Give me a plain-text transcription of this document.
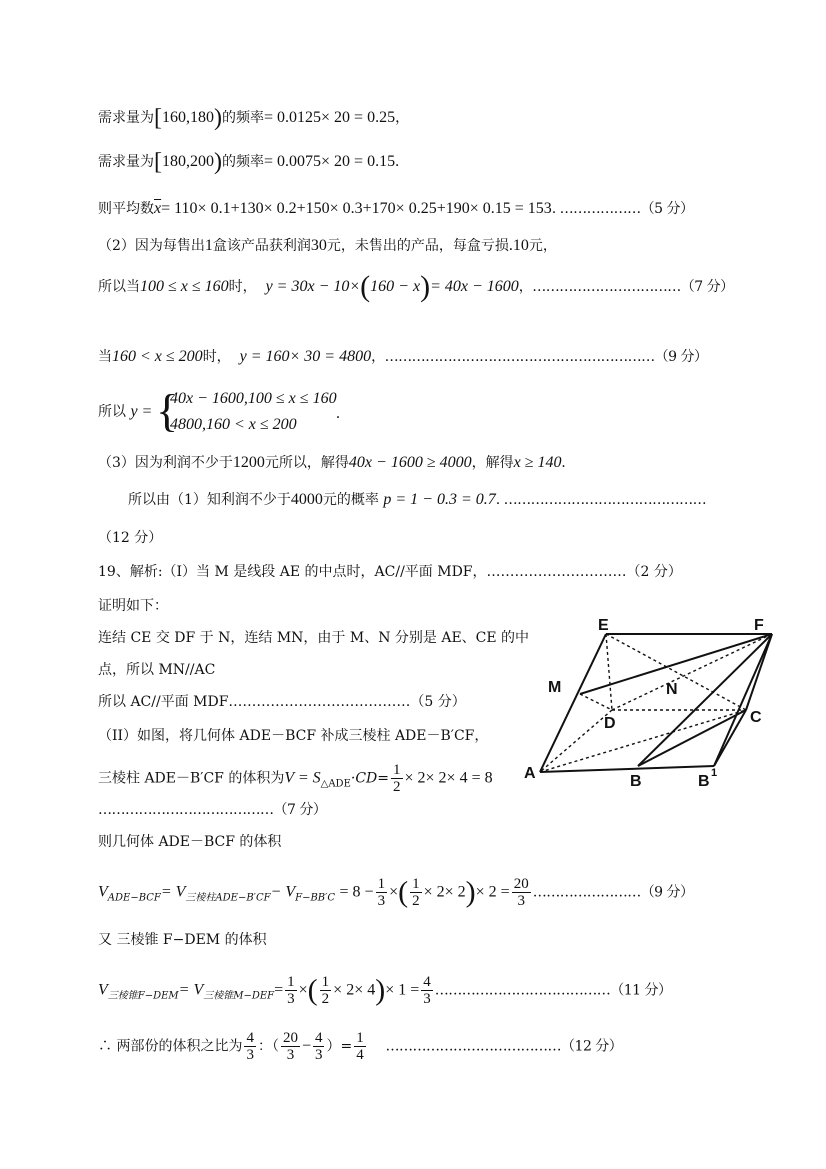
需求量为[160,180)的频率= 0.0125× 20 = 0.25，
需求量为[180,200)的频率= 0.0075× 20 = 0.15.
则平均数$\overline{x}= 110\times 0.1+130\times 0.2+150\times 0.3+170\times 0.25+190\times 0.15 = 153$. ………………（5 分）
（2）因为每售出1盒该产品获利润30元，未售出的产品，每盒亏损.10元，
所以当100 ≤ x ≤ 160时， y = 30x − 10×(160 − x)= 40x − 1600，……………………………（7 分）
当160 < x ≤ 200时， y = 160× 30 = 4800，……………………………………………………（9 分）
所以 y = {
40x − 1600,100 ≤ x ≤ 160
4800,160 < x ≤ 200
.
（3）因为利润不少于1200元所以，解得40x − 1600 ≥ 4000，解得x ≥ 140.
所以由（1）知利润不少于4000元的概率 p = 1 − 0.3 = 0.7. ………………………………………
（12 分）
19、解析:（I）当 M 是线段 AE 的中点时，AC//平面 MDF，…………………………（2 分）
证明如下：
连结 CE 交 DF 于 N，连结 MN，由于 M、N 分别是 AE、CE 的中
点，所以 MN//AC
所以 AC//平面 MDF…………………………………（5 分）
（II）如图，将几何体 ADE－BCF 补成三棱柱 ADE－B′CF，
三棱柱 ADE－B′CF 的体积为$V = S_{\triangle ADE}\cdot CD= \frac{1}{2} \times 2\times 2\times 4 = 8$
…………………………………（7 分）
则几何体 ADE－BCF 的体积
$V_{ADE-BCF}= V_{三棱柱ADE-B'CF}- V_{F-BB'C} = 8 - \frac{1}{3}$ ×( $\frac{1}{2} \times 2\times 2)\times 2 = \frac{20}{3}$ ……………………（9 分）
又 三棱锥 F−DEM 的体积
$V_{三棱锥F-DEM}= V_{三棱锥M-DEF}= \frac{1}{3}$ ×( $\frac{1}{2} \times 2\times 4)\times 1 = \frac{4}{3}$ …………………………………（11 分）
∴ 两部份的体积之比为 $\frac{4}{3}$ ：（ $\frac{20}{3} - \frac{4}{3}$ ）= $\frac{1}{4}$ …………………………………（12 分）
E	F
M	N
D	C
A	B	B 1
